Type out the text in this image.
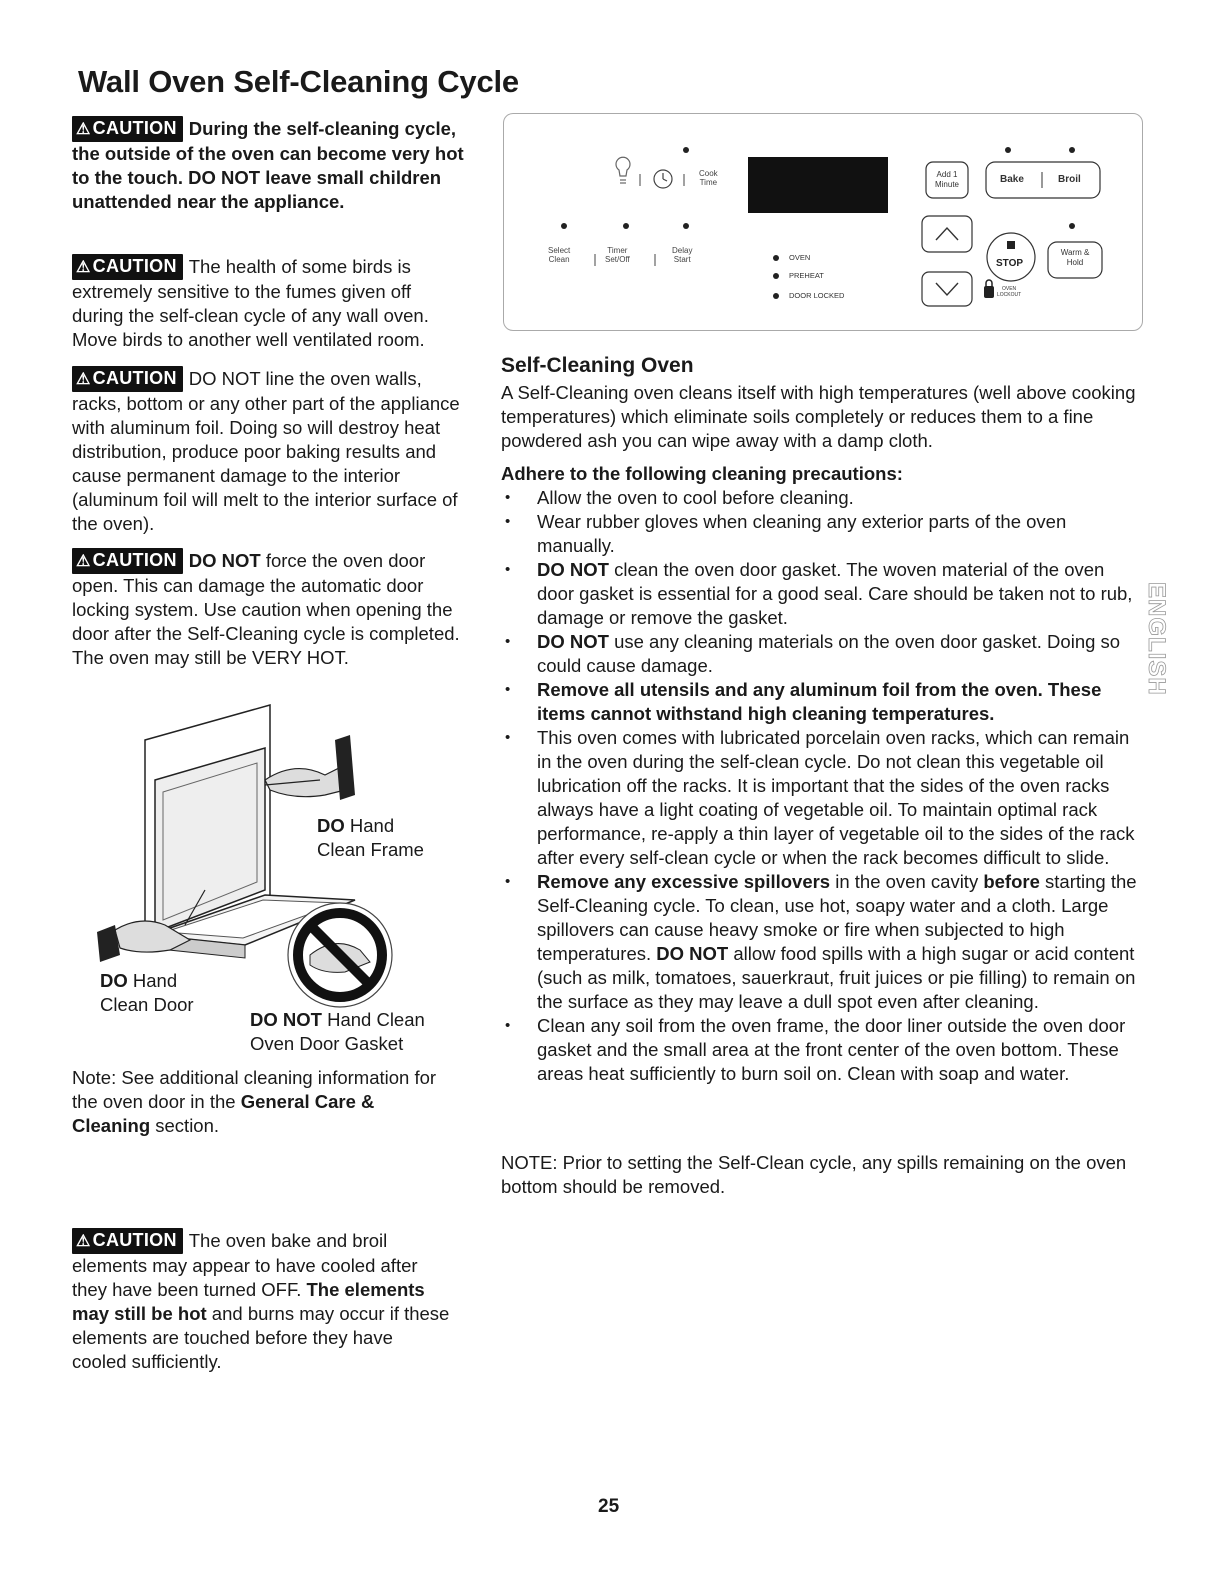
Wall Oven Self-Cleaning Cycle
⚠ CAUTION During the self-cleaning cycle, the outside of the oven can become very hot to the touch. DO NOT leave small children unattended near the appliance.
⚠ CAUTION The health of some birds is extremely sensitive to the fumes given off during the self-clean cycle of any wall oven. Move birds to another well ventilated room.
⚠ CAUTION DO NOT line the oven walls, racks, bottom or any other part of the appliance with aluminum foil. Doing so will destroy heat distribution, produce poor baking results and cause permanent damage to the interior (aluminum foil will melt to the interior surface of the oven).
⚠ CAUTION DO NOT force the oven door open. This can damage the automatic door locking system. Use caution when opening the door after the Self-Cleaning cycle is completed. The oven may still be VERY HOT.
DO Hand
Clean Frame
DO Hand
Clean Door
DO NOT Hand Clean
Oven Door Gasket
Note: See additional cleaning information for the oven door in the General Care & Cleaning section.
⚠ CAUTION The oven bake and broil elements may appear to have cooled after they have been turned OFF. The elements may still be hot and burns may occur if these elements are touched before they have cooled sufficiently.
Cook
Time
Select
Clean
Timer
Set/Off
Delay
Start	OVEN
PREHEAT
DOOR LOCKED
Add 1
Minute	Bake	Broil
STOP
Warm &
Hold
OVEN
LOCKOUT
Self-Cleaning Oven
A Self-Cleaning oven cleans itself with high temperatures (well above cooking temperatures) which eliminate soils completely or reduces them to a fine powdered ash you can wipe away with a damp cloth.
Adhere to the following cleaning precautions:
• Allow the oven to cool before cleaning.
• Wear rubber gloves when cleaning any exterior parts of the oven manually.
• DO NOT clean the oven door gasket. The woven material of the oven door gasket is essential for a good seal. Care should be taken not to rub, damage or remove the gasket.
• DO NOT use any cleaning materials on the oven door gasket. Doing so could cause damage.
• Remove all utensils and any aluminum foil from the oven. These items cannot withstand high cleaning temperatures.
• This oven comes with lubricated porcelain oven racks, which can remain in the oven during the self-clean cycle. Do not clean this vegetable oil lubrication off the racks. It is important that the sides of the oven racks always have a light coating of vegetable oil. To maintain optimal rack performance, re-apply a thin layer of vegetable oil to the sides of the rack after every self-clean cycle or when the rack becomes difficult to slide.
• Remove any excessive spillovers in the oven cavity before starting the Self-Cleaning cycle. To clean, use hot, soapy water and a cloth. Large spillovers can cause heavy smoke or fire when subjected to high temperatures. DO NOT allow food spills with a high sugar or acid content (such as milk, tomatoes, sauerkraut, fruit juices or pie filling) to remain on the surface as they may leave a dull spot even after cleaning.
• Clean any soil from the oven frame, the door liner outside the oven door gasket and the small area at the front center of the oven bottom. These areas heat sufficiently to burn soil on. Clean with soap and water.
NOTE: Prior to setting the Self-Clean cycle, any spills remaining on the oven bottom should be removed.
ENGLISH
25
